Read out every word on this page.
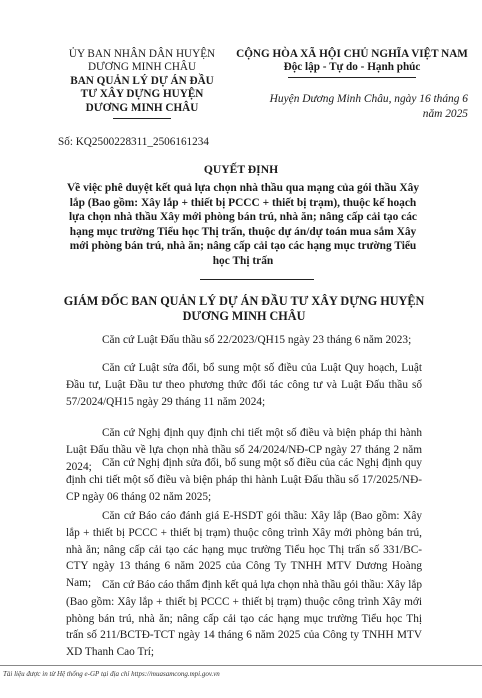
ỦY BAN NHÂN DÂN HUYỆN
DƯƠNG MINH CHÂU
BAN QUẢN LÝ DỰ ÁN ĐẦU
TƯ XÂY DỰNG HUYỆN
DƯƠNG MINH CHÂU
CỘNG HÒA XÃ HỘI CHỦ NGHĨA VIỆT NAM
Độc lập - Tự do - Hạnh phúc
Huyện Dương Minh Châu, ngày 16 tháng 6
năm 2025
Số: KQ2500228311_2506161234
QUYẾT ĐỊNH
Về việc phê duyệt kết quả lựa chọn nhà thầu qua mạng của gói thầu Xây lắp (Bao gồm: Xây lắp + thiết bị PCCC + thiết bị trạm), thuộc kế hoạch lựa chọn nhà thầu Xây mới phòng bán trú, nhà ăn; nâng cấp cải tạo các hạng mục trường Tiểu học Thị trấn, thuộc dự án/dự toán mua sắm Xây mới phòng bán trú, nhà ăn; nâng cấp cải tạo các hạng mục trường Tiểu học Thị trấn
GIÁM ĐỐC BAN QUẢN LÝ DỰ ÁN ĐẦU TƯ XÂY DỰNG HUYỆN
DƯƠNG MINH CHÂU
Căn cứ Luật Đấu thầu số 22/2023/QH15 ngày 23 tháng 6 năm 2023;
Căn cứ Luật sửa đổi, bổ sung một số điều của Luật Quy hoạch, Luật Đầu tư, Luật Đầu tư theo phương thức đối tác công tư và Luật Đấu thầu số 57/2024/QH15 ngày 29 tháng 11 năm 2024;
Căn cứ Nghị định quy định chi tiết một số điều và biện pháp thi hành Luật Đấu thầu về lựa chọn nhà thầu số 24/2024/NĐ-CP ngày 27 tháng 2 năm 2024; Căn cứ Nghị định sửa đổi, bổ sung một số điều của các Nghị định quy định chi tiết một số điều và biện pháp thi hành Luật Đấu thầu số 17/2025/NĐ-CP ngày 06 tháng 02 năm 2025;
Căn cứ Báo cáo đánh giá E-HSDT gói thầu: Xây lắp (Bao gồm: Xây lắp + thiết bị PCCC + thiết bị trạm) thuộc công trình Xây mới phòng bán trú, nhà ăn; nâng cấp cải tạo các hạng mục trường Tiểu học Thị trấn số 331/BC-CTY ngày 13 tháng 6 năm 2025 của Công Ty TNHH MTV Dương Hoàng Nam; Căn cứ Báo cáo thẩm định kết quả lựa chọn nhà thầu gói thầu: Xây lắp (Bao gồm: Xây lắp + thiết bị PCCC + thiết bị trạm) thuộc công trình Xây mới phòng bán trú, nhà ăn; nâng cấp cải tạo các hạng mục trường Tiểu học Thị trấn số 211/BCTĐ-TCT ngày 14 tháng 6 năm 2025 của Công ty TNHH MTV XD Thanh Cao Trí;
Tài liệu được in từ Hệ thống e-GP tại địa chỉ https://muasamcong.mpi.gov.vn
